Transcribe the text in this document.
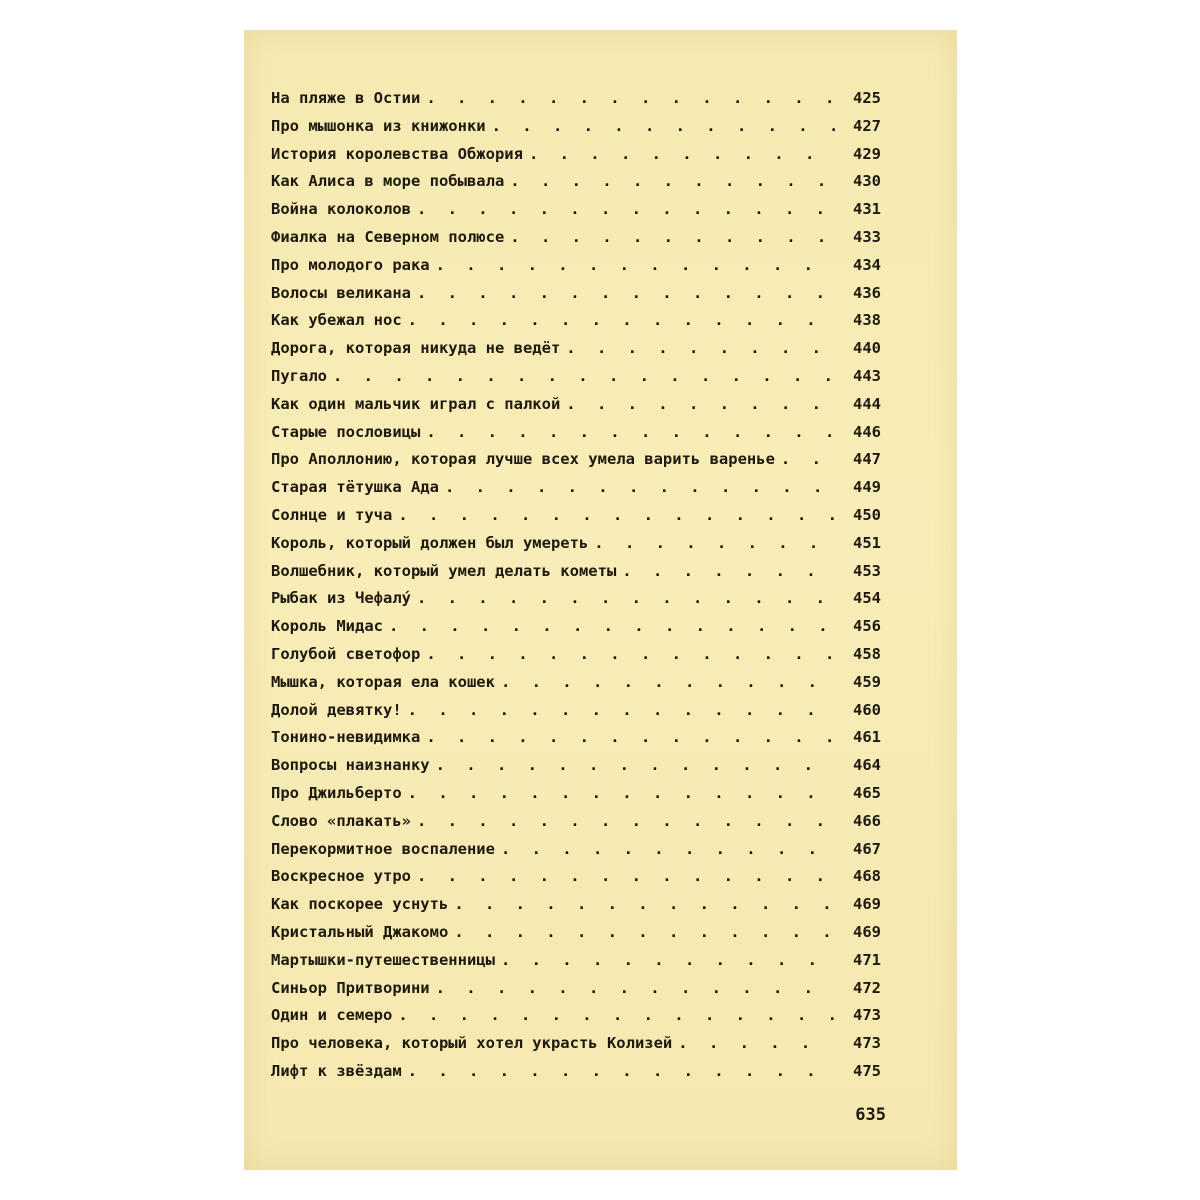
На пляже в Остии . . .	425
Про мышонка из книжонки . . .	427
История королевства Обжория . . .	429
Как Алиса в море побывала . . .	430
Война колоколов . . .	431
Фиалка на Северном полюсе . . .	433
Про молодого рака . . .	434
Волосы великана . . .	436
Как убежал нос . . .	438
Дорога, которая никуда не ведёт . . .	440
Пугало . . .	443
Как один мальчик играл с палкой . . .	444
Старые пословицы . . .	446
Про Аполлонию, которая лучше всех умела варить варенье . . .	447
Старая тётушка Ада . . .	449
Солнце и туча . . .	450
Король, который должен был умереть . . .	451
Волшебник, который умел делать кометы . . .	453
Рыбак из Чефалу́ . . .	454
Король Мидас . . .	456
Голубой светофор . . .	458
Мышка, которая ела кошек . . .	459
Долой девятку! . . .	460
Тонино-невидимка . . .	461
Вопросы наизнанку . . .	464
Про Джильберто . . .	465
Слово «плакать» . . .	466
Перекормитное воспаление . . .	467
Воскресное утро . . .	468
Как поскорее уснуть . . .	469
Кристальный Джакомо . . .	469
Мартышки-путешественницы . . .	471
Синьор Притворини . . .	472
Один и семеро . . .	473
Про человека, который хотел украсть Колизей . . .	473
Лифт к звёздам . . .	475
635
